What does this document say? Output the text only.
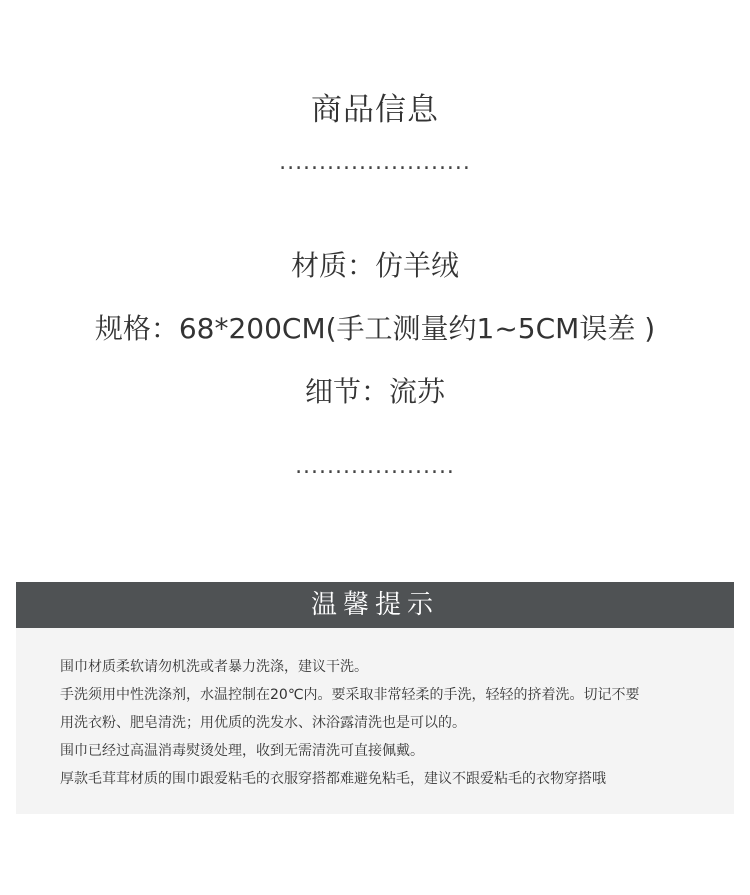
商品信息
........................
材质：仿羊绒
规格：68*200CM(手工测量约1~5CM误差 )
细节：流苏
....................
温馨提示
围巾材质柔软请勿机洗或者暴力洗涤，建议干洗。
手洗须用中性洗涤剂，水温控制在20℃内。要采取非常轻柔的手洗，轻轻的挤着洗。切记不要
用洗衣粉、肥皂清洗；用优质的洗发水、沐浴露清洗也是可以的。
围巾已经过高温消毒熨烫处理，收到无需清洗可直接佩戴。
厚款毛茸茸材质的围巾跟爱粘毛的衣服穿搭都难避免粘毛，建议不跟爱粘毛的衣物穿搭哦
